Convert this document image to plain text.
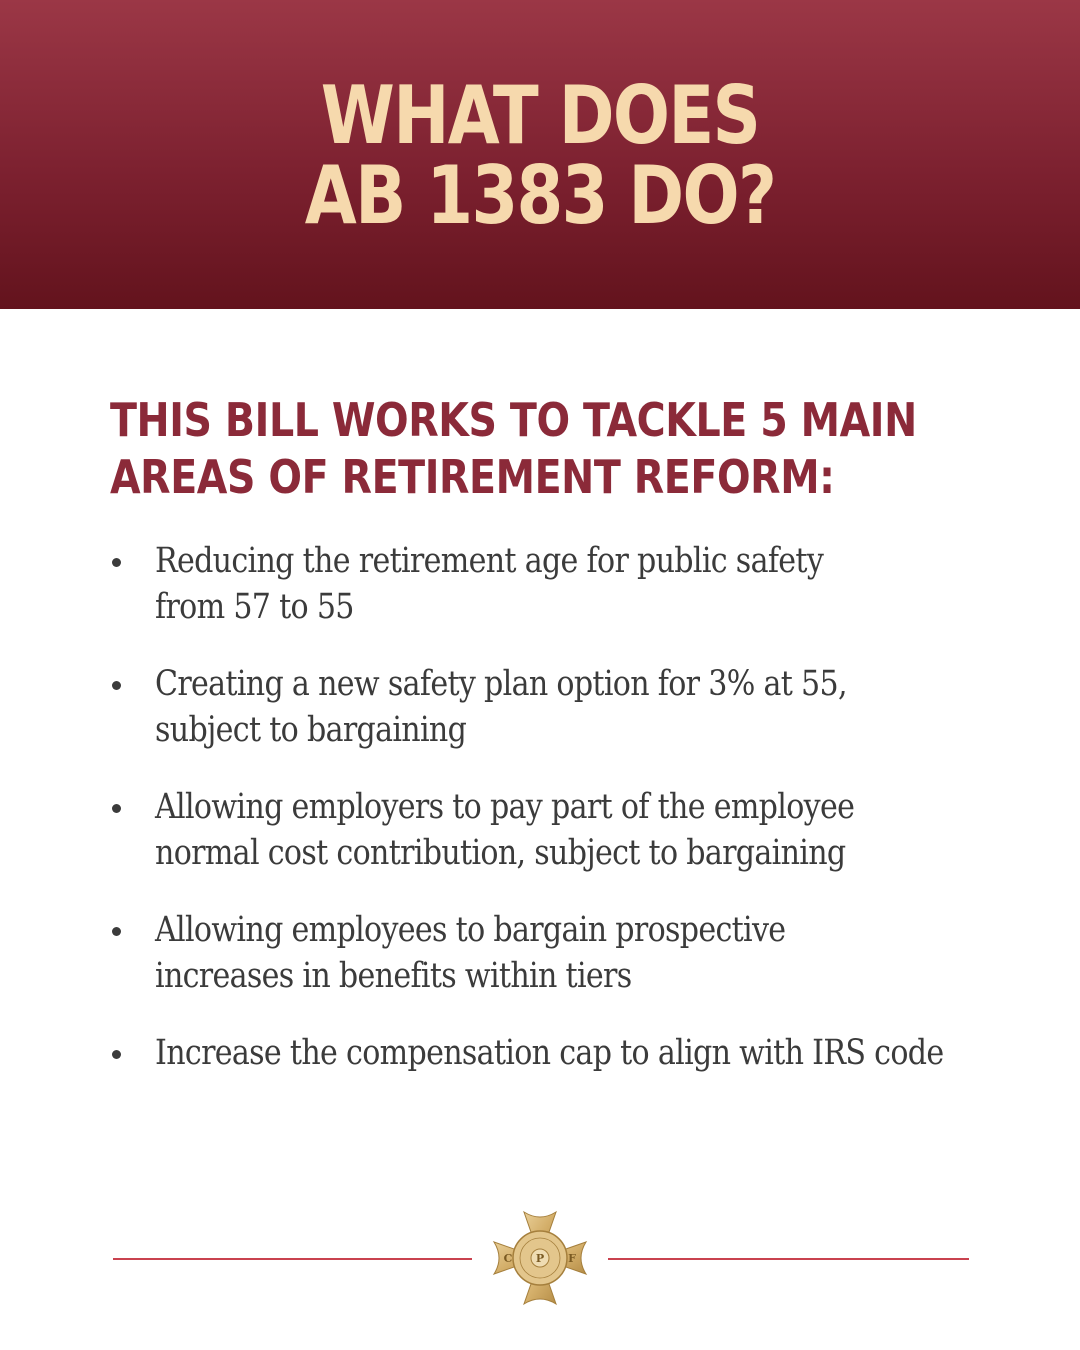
WHAT DOES
AB 1383 DO?
THIS BILL WORKS TO TACKLE 5 MAIN
AREAS OF RETIREMENT REFORM:
Reducing the retirement age for public safety
from 57 to 55
Creating a new safety plan option for 3% at 55,
subject to bargaining
Allowing employers to pay part of the employee
normal cost contribution, subject to bargaining
Allowing employees to bargain prospective
increases in benefits within tiers
Increase the compensation cap to align with IRS code
C P F
